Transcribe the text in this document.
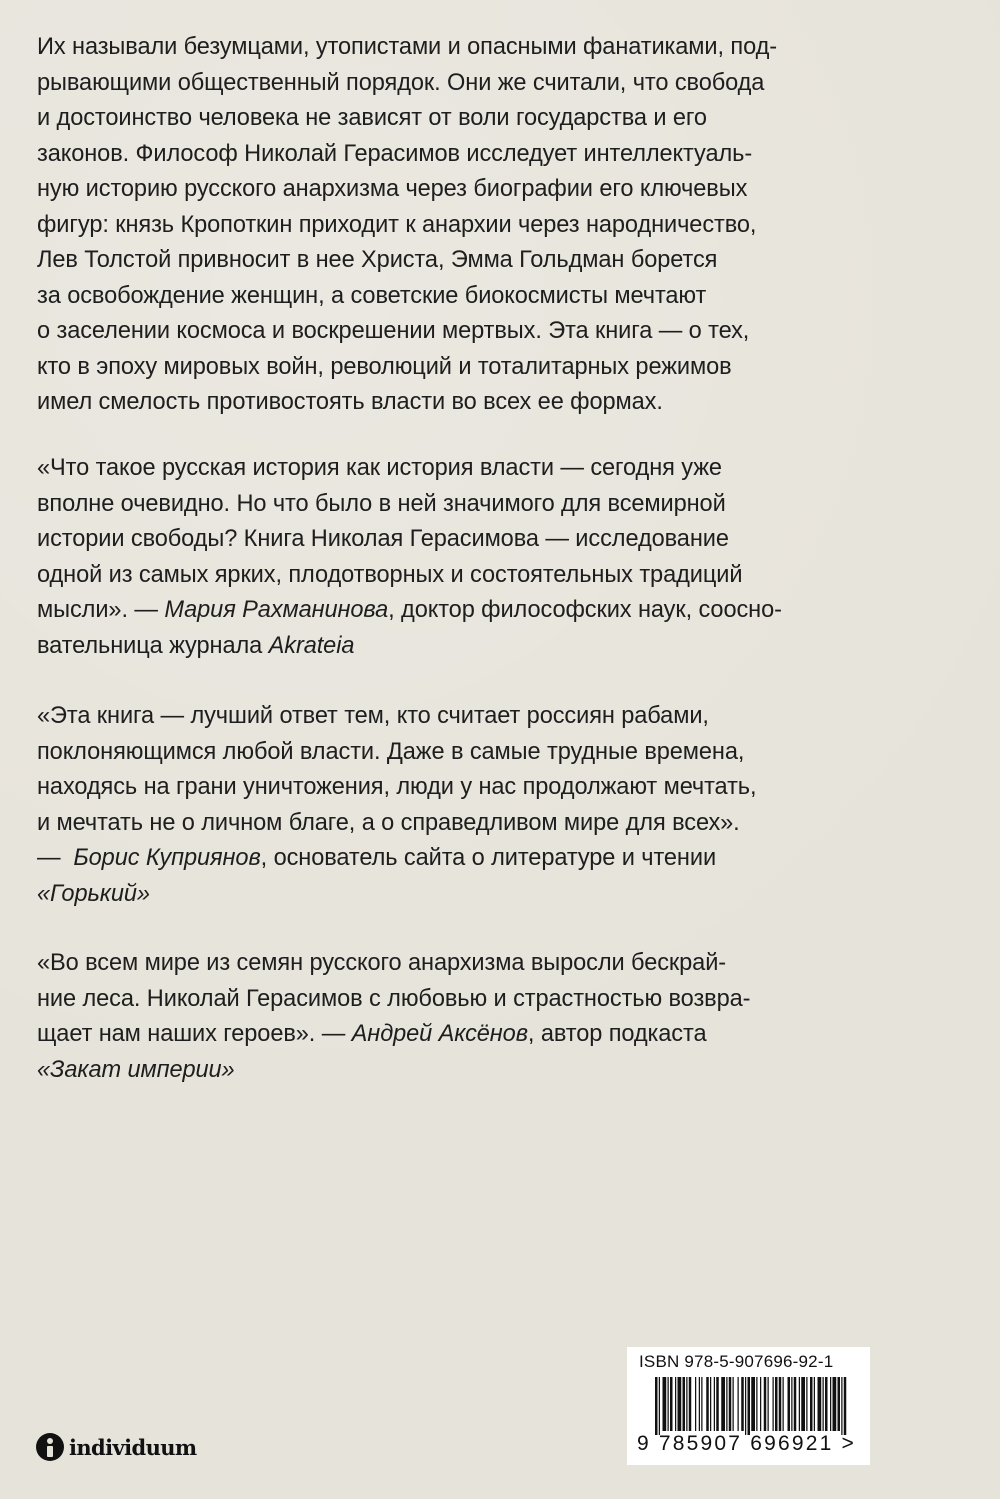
Их называли безумцами, утопистами и опасными фанатиками, под-
рывающими общественный порядок. Они же считали, что свобода
и достоинство человека не зависят от воли государства и его
законов. Философ Николай Герасимов исследует интеллектуаль-
ную историю русского анархизма через биографии его ключевых
фигур: князь Кропоткин приходит к анархии через народничество,
Лев Толстой привносит в нее Христа, Эмма Гольдман борется
за освобождение женщин, а советские биокосмисты мечтают
о заселении космоса и воскрешении мертвых. Эта книга — о тех,
кто в эпоху мировых войн, революций и тоталитарных режимов
имел смелость противостоять власти во всех ее формах.
«Что такое русская история как история власти — сегодня уже
вполне очевидно. Но что было в ней значимого для всемирной
истории свободы? Книга Николая Герасимова — исследование
одной из самых ярких, плодотворных и состоятельных традиций
мысли». — Мария Рахманинова, доктор философских наук, соосно-
вательница журнала Akrateia
«Эта книга — лучший ответ тем, кто считает россиян рабами,
поклоняющимся любой власти. Даже в самые трудные времена,
находясь на грани уничтожения, люди у нас продолжают мечтать,
и мечтать не о личном благе, а о справедливом мире для всех».
—  Борис Куприянов, основатель сайта о литературе и чтении
«Горький»
«Во всем мире из семян русского анархизма выросли бескрай-
ние леса. Николай Герасимов с любовью и страстностью возвра-
щает нам наших героев». — Андрей Аксёнов, автор подкаста
«Закат империи»
individuum
ISBN 978-5-907696-92-1
9 785907 696921 >
